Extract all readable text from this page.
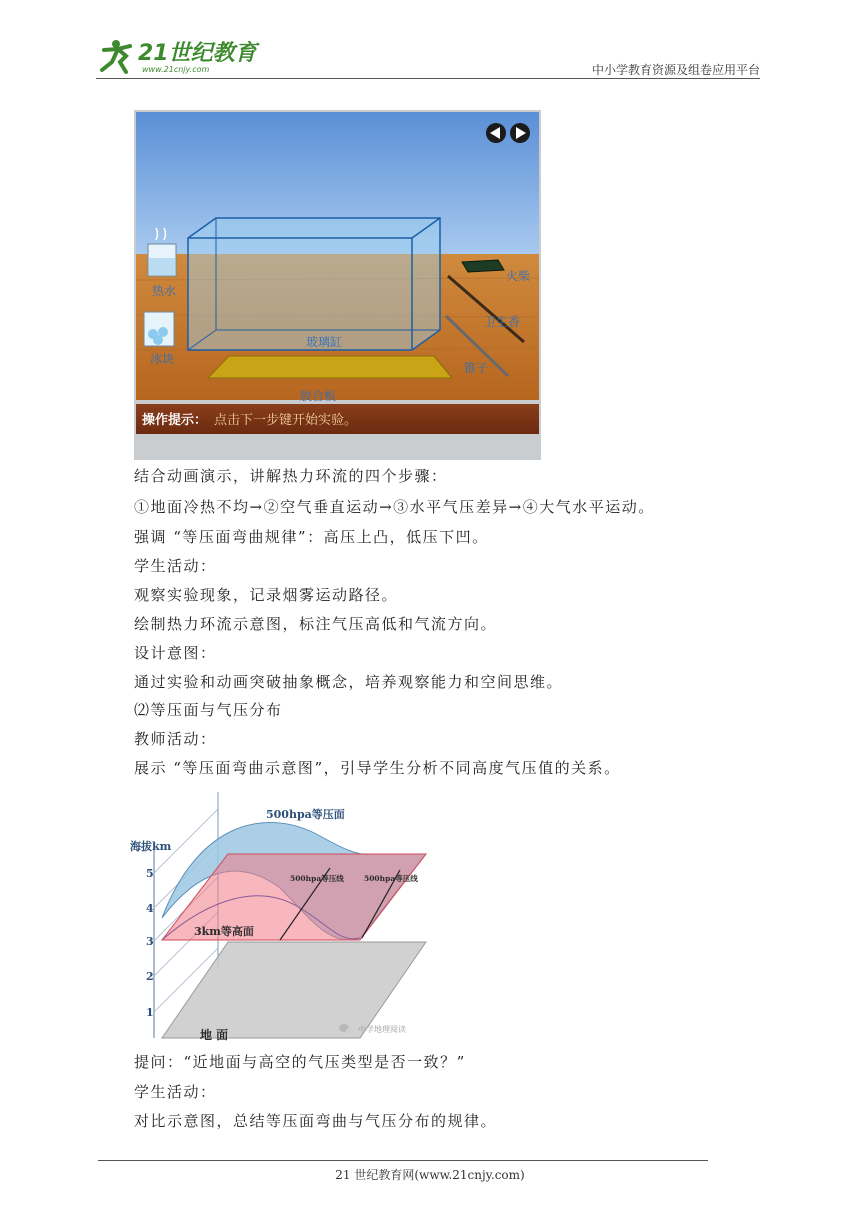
21世纪教育
www.21cnjy.com	中小学教育资源及组卷应用平台
热水
冰块
玻璃缸
胶合板
火柴
卫生香
锥子
操作提示： 点击下一步键开始实验。
结合动画演示，讲解热力环流的四个步骤：
①地面冷热不均→②空气垂直运动→③水平气压差异→④大气水平运动。
强调 “等压面弯曲规律”：高压上凸，低压下凹。
学生活动：
观察实验现象，记录烟雾运动路径。
绘制热力环流示意图，标注气压高低和气流方向。
设计意图：
通过实验和动画突破抽象概念，培养观察能力和空间思维。
⑵等压面与气压分布
教师活动：
展示 “等压面弯曲示意图”，引导学生分析不同高度气压值的关系。
海拔km
1
2
3
4
5
500hpa等压面
500hpa等压线	500hpa等压线
3km等高面
地 面	中学地理阅读
提问：“近地面与高空的气压类型是否一致？”
学生活动：
对比示意图，总结等压面弯曲与气压分布的规律。
21 世纪教育网(www.21cnjy.com)
